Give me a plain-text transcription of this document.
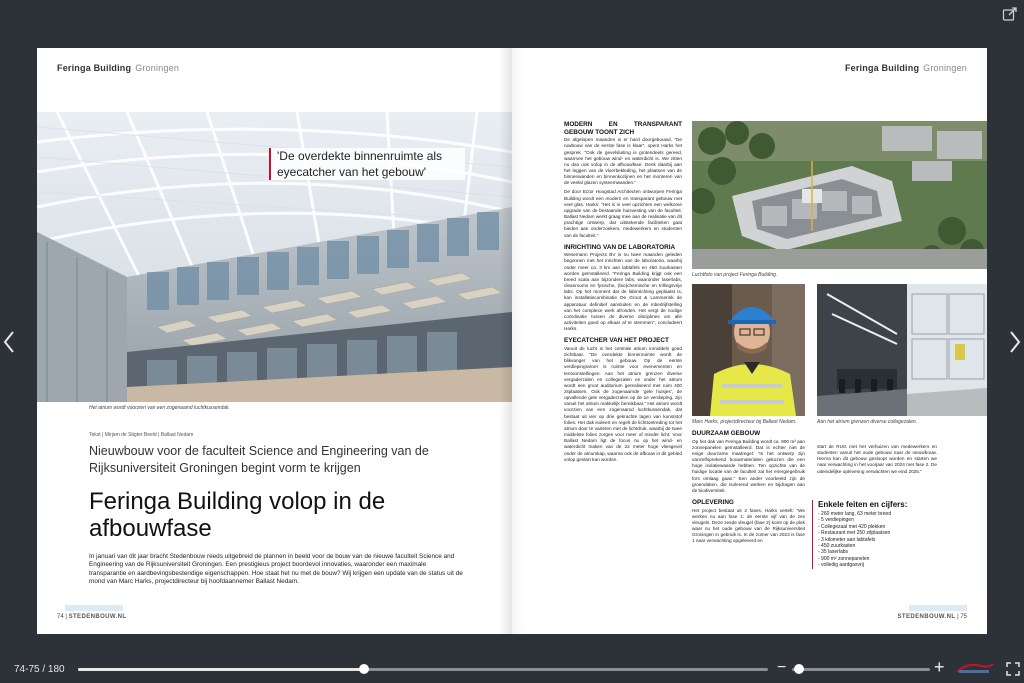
Feringa Building Groningen
'De overdekte binnenruimte als eyecatcher van het gebouw'
Het atrium wordt voorzien van een zogenaamd luchtkussendak.
Tekst | Mirjam de Stigter Beeld | Ballast Nedam
Nieuwbouw voor de faculteit Science and Engineering van de Rijksuniversiteit Groningen begint vorm te krijgen
Feringa Building volop in de afbouwfase

In januari van dit jaar bracht Stedenbouw reeds uitgebreid de plannen in beeld voor de bouw van de nieuwe faculteit Science and Engineering van de Rijksuniversiteit Groningen. Een prestigieus project boordevol innovaties, waaronder een maximale transparantie en aardbevingsbestendige eigenschappen. Hoe staat het nu met de bouw? Wij krijgen een update van de status uit de mond van Marc Harks, projectdirecteur bij hoofdaannemer Ballast Nedam.

74 | STEDENBOUW.NL
Feringa Building Groningen
MODERN EN TRANSPARANT GEBOUW TOONT ZICH

De afgelopen maanden is er hard doorgebouwd. “De ruwbouw van de eerste fase is klaar”, opent Harks het gesprek. “Ook de gevelsluiting is grotendeels gereed, waarmee het gebouw wind- en waterdicht is. We zitten nu dan ook volop in de afbouwfase. Denk daarbij aan het leggen van de vloerbekleding, het plaatsen van de binnenwanden en binnenkozijnen en het monteren van de veelal glazen systeemwanden.”

De door Ector Hoogstad Architecten ontworpen Feringa Building wordt een modern en transparant gebouw met veel glas. Harks: “Het is in veel opzichten een welkome upgrade van de bestaande huisvesting van de faculteit. Ballast Nedam werkt graag mee aan de realisatie van dit prachtige ontwerp, dat uitstekende faciliteiten gaat bieden aan onderzoekers, medewerkers en studenten van de faculteit.”

INRICHTING VAN DE LABORATORIA

Wesemann Projects BV is nu twee maanden geleden begonnen met het inrichten van de laboratoria, waarbij onder meer ca. 3 km aan labtafels en 450 zuurkasten worden geïnstalleerd. “Feringa Building krijgt ook een breed scala aan bijzondere labs, waaronder laserlabs, cleanrooms en fysische, (bio)chemische en trillingsvrije labs. Op het moment dat de labinrichting geplaatst is, kan installatiecombinatie De Groot & Lammerink de apparatuur definitief aansluiten en de inbedrijfstelling van het complexe werk afronden. Het vergt de nodige coördinatie tussen de diverse disciplines om alle activiteiten goed op elkaar af te stemmen”, concludeert Harks.

EYECATCHER VAN HET PROJECT

Vanuit de lucht is het centrale atrium inmiddels goed zichtbaar. “De overdekte binnenruimte wordt de blikvanger van het gebouw. Op de eerste verdiepingsvloer is ruimte voor evenementen en tentoonstellingen. Aan het atrium grenzen diverse vergaderzalen en collegezalen en onder het atrium wordt een groot auditorium gerealiseerd met ruim 400 zitplaatsen. Ook de zogenaamde ‘gele huisjes’, de opvallende gele vergaderzalen op de 1e verdieping, zijn vanuit het atrium makkelijk bereikbaar.” Het atrium wordt voorzien van een zogenaamd luchtkussendak, dat bestaat uit vier op drie gekrachte lagen van kunststof folies. Het dak isoleert en regelt de lichttoetreding tot het atrium door te variëren met de lichtdruk, waarbij de twee middelste folies zorgen voor meer of minder licht. Voor Ballast Nedam ligt de focus nu op het wind- en waterdicht maken van de 22 meter hoge vliesgevel onder de atriumkap, waarna ook de afbouw in dit gebied volop gestart kan worden.

Luchtfoto van project Feringa Building.
Marc Harks, projectdirecteur bij Ballast Nedam.	Aan het atrium grenzen diverse collegezalen.
DUURZAAM GEBOUW

Op het dak van Feringa Building wordt ca. 900 m² aan zonnepanelen geïnstalleerd. Dat is echter niet de enige duurzame maatregel: “In het ontwerp zijn vanzelfsprekend bouwmaterialen gekozen die een hoge isolatiewaarde hebben. Ten opzichte van de huidige locatie van de faculteit zal het energiegebruik fors omlaag gaan.” Een ander voorbeeld zijn de groendaken, die isolerend werken en bijdragen aan de biodiversiteit.

OPLEVERING

Het project bestaat uit 2 fases. Harks vertelt: “We werken nu aan fase 1: de eerste vijf van de zes vleugels. Deze zesde vleugel (fase 2) komt op de plek waar nu het oude gebouw van de Rijksuniversiteit Groningen in gebruik is. In de zomer van 2023 is fase 1 naar verwachting opgeleverd en

start de RUG met het verhuizen van medewerkers en studenten vanuit het oude gebouw naar de nieuwbouw. Hierna kan dit gebouw gesloopt worden en starten we naar verwachting in het voorjaar van 2024 met fase 2. De uiteindelijke oplevering verwachten we eind 2025.”

Enkele feiten en cijfers:
- 260 meter lang, 63 meter breed
- 5 verdiepingen
- Collegezaal met 420 plekken
- Restaurant met 250 zitplaatsen
- 3 kilometer aan labtafels
- 450 zuurkasten
- 35 laserlabs
- 900 m² zonnepanelen
- volledig aardgasvrij
STEDENBOUW.NL | 75
74-75 / 180	−	+
